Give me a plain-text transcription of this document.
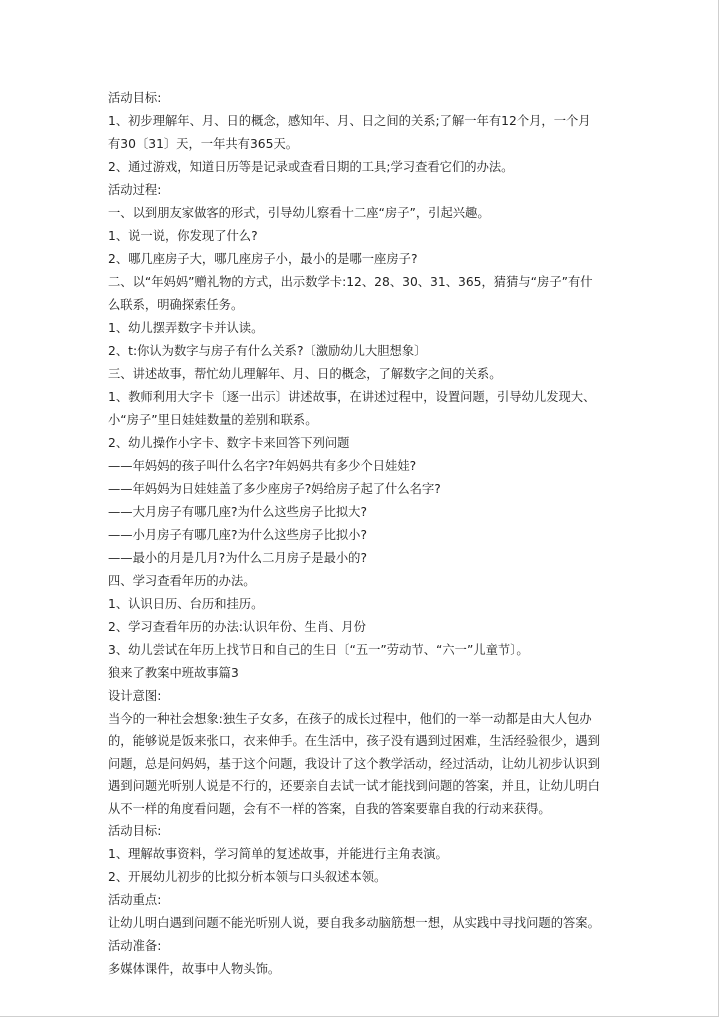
活动目标:
1、初步理解年、月、日的概念，感知年、月、日之间的关系;了解一年有12个月，一个月
有30〔31〕天，一年共有365天。
2、通过游戏，知道日历等是记录或查看日期的工具;学习查看它们的办法。
活动过程:
一、以到朋友家做客的形式，引导幼儿察看十二座“房子”，引起兴趣。
1、说一说，你发现了什么?
2、哪几座房子大，哪几座房子小，最小的是哪一座房子?
二、以“年妈妈”赠礼物的方式，出示数学卡:12、28、30、31、365，猜猜与“房子”有什
么联系，明确探索任务。
1、幼儿摆弄数字卡并认读。
2、t:你认为数字与房子有什么关系?〔激励幼儿大胆想象〕
三、讲述故事，帮忙幼儿理解年、月、日的概念，了解数字之间的关系。
1、教师利用大字卡〔逐一出示〕讲述故事，在讲述过程中，设置问题，引导幼儿发现大、
小“房子”里日娃娃数量的差别和联系。
2、幼儿操作小字卡、数字卡来回答下列问题
——年妈妈的孩子叫什么名字?年妈妈共有多少个日娃娃?
——年妈妈为日娃娃盖了多少座房子?妈给房子起了什么名字?
——大月房子有哪几座?为什么这些房子比拟大?
——小月房子有哪几座?为什么这些房子比拟小?
——最小的月是几月?为什么二月房子是最小的?
四、学习查看年历的办法。
1、认识日历、台历和挂历。
2、学习查看年历的办法:认识年份、生肖、月份
3、幼儿尝试在年历上找节日和自己的生日〔“五一”劳动节、“六一”儿童节〕。
狼来了教案中班故事篇3
设计意图:
当今的一种社会想象:独生子女多，在孩子的成长过程中，他们的一举一动都是由大人包办
的，能够说是饭来张口，衣来伸手。在生活中，孩子没有遇到过困难，生活经验很少，遇到
问题，总是问妈妈，基于这个问题，我设计了这个教学活动，经过活动，让幼儿初步认识到
遇到问题光听别人说是不行的，还要亲自去试一试才能找到问题的答案，并且，让幼儿明白
从不一样的角度看问题，会有不一样的答案，自我的答案要靠自我的行动来获得。
活动目标:
1、理解故事资料，学习简单的复述故事，并能进行主角表演。
2、开展幼儿初步的比拟分析本领与口头叙述本领。
活动重点:
让幼儿明白遇到问题不能光听别人说，要自我多动脑筋想一想，从实践中寻找问题的答案。
活动准备:
多媒体课件，故事中人物头饰。
